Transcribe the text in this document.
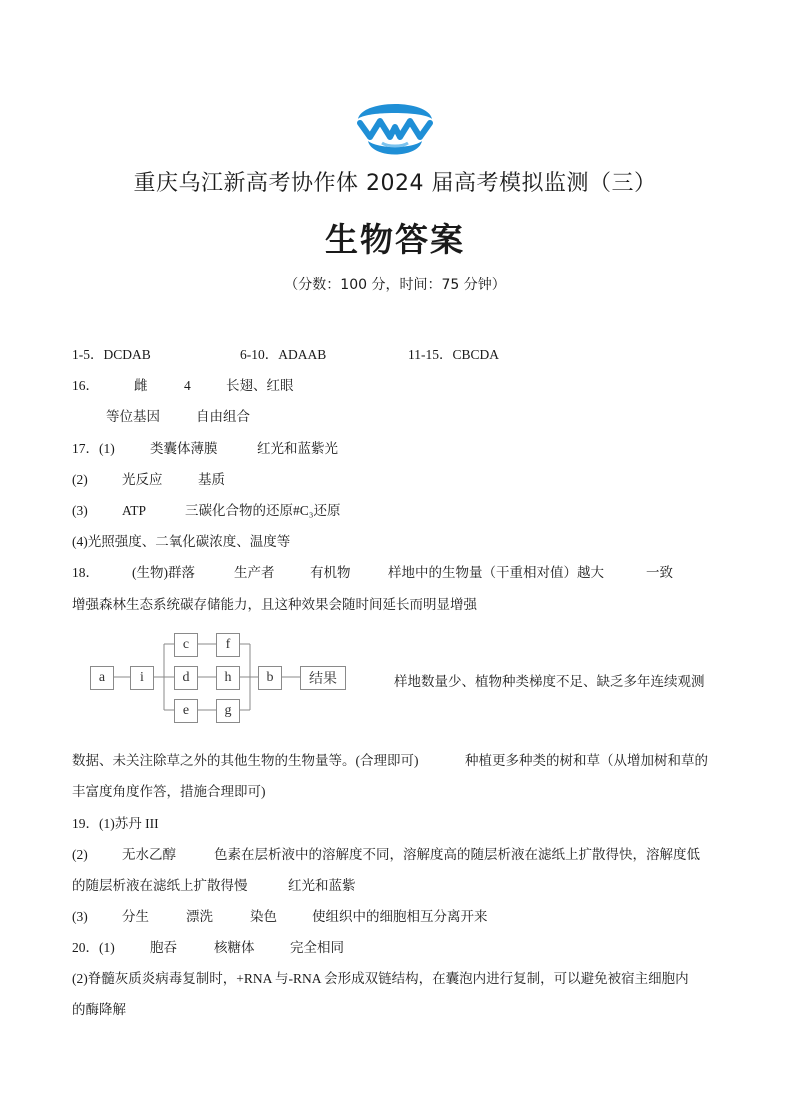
重庆乌江新高考协作体 2024 届高考模拟监测（三）
生物答案
（分数：100 分，时间：75 分钟）
1-5．DCDAB	6-10．ADAAB	11-15．CBCDA
16．	雌	4	长翅、红眼
等位基因	自由组合
17．(1)	类囊体薄膜	红光和蓝紫光
(2)	光反应	基质
(3)	ATP	三碳化合物的还原#C₃还原
(4)光照强度、二氧化碳浓度、温度等
18． (生物)群落	生产者	有机物	样地中的生物量（干重相对值）越大	一致
增强森林生态系统碳存储能力，且这种效果会随时间延长而明显增强
a	i
c
d
e
f
h
g
b	结果	样地数量少、植物种类梯度不足、缺乏多年连续观测
数据、未关注除草之外的其他生物的生物量等。(合理即可)	种植更多种类的树和草（从增加树和草的
丰富度角度作答，措施合理即可)
19．(1)苏丹 III
(2)	无水乙醇	色素在层析液中的溶解度不同，溶解度高的随层析液在滤纸上扩散得快，溶解度低
的随层析液在滤纸上扩散得慢	红光和蓝紫
(3)	分生	漂洗	染色	使组织中的细胞相互分离开来
20．(1)	胞吞	核糖体	完全相同
(2)脊髓灰质炎病毒复制时，+RNA 与-RNA 会形成双链结构，在囊泡内进行复制，可以避免被宿主细胞内
的酶降解
